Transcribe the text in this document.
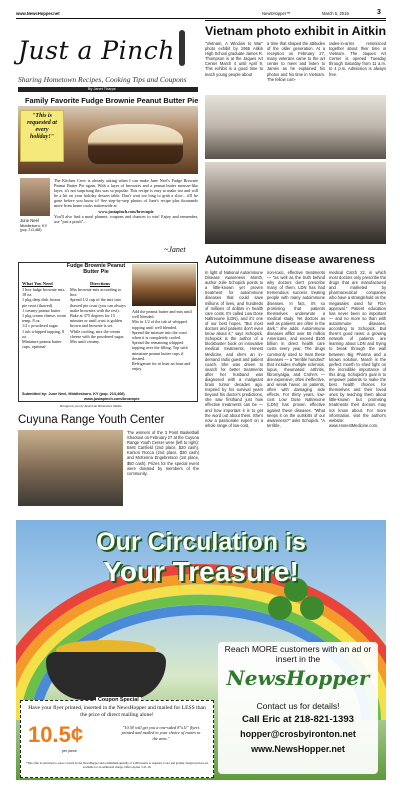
www.NewsHopper.net	NewsHopper™	March 5, 2016	3
Just a Pinch
Sharing Hometown Recipes, Cooking Tips and Coupons
By Janet Tharpe
Family Favorite Fudge Brownie Peanut Butter Pie
"This is requested at every holiday!"
June Neel
Middleboro, KY
(pop. 213,468)
The Kitchen Crew is already asking when I can make June Neel's Fudge Brownie Peanut Butter Pie again. With a layer of brownies and a peanut butter mousse-like layer, it's not surprising this was so popular. This recipe is easy to make too and will be a hit on your holiday dessert table. Don't wait too long to grab a slice... it'll be gone before you know it! See step-by-step photos of June's recipe plus thousands more from home cooks nationwide at
www.justapinch.com/brownpie
You'll also find a meal planner, coupons and chances to win! Enjoy and remember, use "just a pinch"...
~Janet
Fudge Brownie Peanut Butter Pie
What You Need
1 box fudge brownie mix, 18 oz.
1 pkg deep dish frozen pie crust (thawed)
1 creamy peanut butter
1 pkg cream cheese, room temp, 8 oz.
1/2 c powdered sugar
1 tub whipped topping, 8 oz.
Miniature peanut butter cups, optional
Directions
Mix brownie mix according to box.
Spread 1/2 cup of the mix into thawed pie crust (you can always make brownies with the rest).
Bake at 375 degrees for 15 minutes or until crust is golden brown and brownie is set.
While cooling, mix the cream cheese with the powdered sugar. Mix until creamy.
Add the peanut butter and mix until well blended.
Mix in 1/2 of the tub of whipped topping until well blended.
Spread the mixture into the crust when it is completely cooled.
Spread the remaining whipped topping over the filling. Top with miniature peanut butter cups if desired.
Refrigerate for at least an hour and enjoy.
Submitted by: June Neel, Middlesboro, KY (pop. 213,468)
www.justapinch.com/brownpie
Brought to you by American Hometown Media
Cuyuna Range Youth Center
The winners of the 3 Point Basketball Shootout on February 27 at the Cuyuna Range Youth Center were (left to right): Brett Canfield (2nd place, $20 cash), Karson Rocca (2nd place, $30 cash) and McKenna Engebretson (1st place, $50 cash). Prizes for the special event were donated by members of the community.
Vietnam photo exhibit in Aitkin
"Vietnam, A Window to War" photo exhibit by 1965 Aitkin High School graduate James R. Thompson is at the Jaques Art Center March 4 until April 9. This exhibit is a good time to teach young people about
a time that shaped the attitudes of the older generation. At a reception on February 27, many veterans came to the art center to meet and listen to James as he explained his photos and his time in Vietnam. The fellow com-
rades-in-arms reminisced together about their time in Vietnam. The Jaques Art Center is opened Tuesday through Saturday from 11 a.m. to 4 p.m. Admission is always free.
Autoimmune disease awareness
In light of National Autoimmune Disease Awareness Month, author Julie Schopick points to a little-known yet proven treatment for autoimmune diseases that could save millions of lives, and hundreds of millions of dollars in health care costs. It's called Low Dose Naltrexone (LDN), and it's one of our best hopes. "But most doctors and patients don't even know about it," says Schopick. Schopick is the author of a blockbuster book on innovative medical treatments, Honest Medicine, and she's an in-demand radio guest and patient coach. She was driven to search for better treatments after her husband was diagnosed with a malignant brain tumor decades ago. Inspired by his survival years beyond his doctor's predictions, she saw firsthand just how effective treatments can be — and how important it is to get the word out about them. She's now a passionate expert on a whole range of low-cost,
non-toxic, effective treatments — "as well as the truth behind why doctors don't prescribe many of them. LDN has had tremendous success treating people with many autoimmune diseases. In fact, it's so promising that patients themselves underwrote a medical study. Yet doctors as well as patients are often in the dark," she adds. Autoimmune diseases afflict over 50 million Americans, and exceed $100 billion in direct health care costs every year. The drugs commonly used to treat these diseases — a "terrible hundred" that includes multiple sclerosis, lupus, rheumatoid arthritis, fibromyalgia, and Crohn's — are expensive, often ineffective, and wreak havoc on patients, often with damaging side effects. For thirty years, low-cost Low Dose Naltrexone (LDN) has proven effective against these diseases. "What keeps it on the outskirts of our awareness?" asks Schopick. "A terrible,
medical Catch 22, in which most doctors only prescribe the drugs that are manufactured and marketed by pharmaceutical companies who have a stranglehold on the megasales used for FDA approval." Patient education has never been so important — and no more so than with autoimmune diseases, according to Schopick. But there's good news: a growing network of patients are learning about LDN and trying to break through the wall between Big Pharma and a known solution. March is the perfect month to shed light on the incredible importance of this drug. Schopick's goal is to empower patients to make the best health choices for themselves and their loved ones by teaching them about little-known but promising treatments their doctors may not know about. For more information, visit the author's website: www.HonestMedicine.com.
Our Circulation is
Your Treasure!
Reach MORE customers with an ad or insert in the
NewsHopper
Contact us for details!
Call Eric at 218-821-1393
hopper@crosbyironton.net
www.NewsHopper.net
Coupon Special
Have your flyer printed, inserted in the NewsHopper and mailed for LESS than the price of direct mailing alone!
10.5¢
per piece
"10.5¢ will get you a one-sided 8"x11" flyers printed and mailed to your choice of routes in the area."
*This offer is restricted to areas covered by the NewsHopper and a minimum quantity of 2,000 inserts is required. Color and graphic design services are available for an additional charge. Offer expires 3-31-16.
